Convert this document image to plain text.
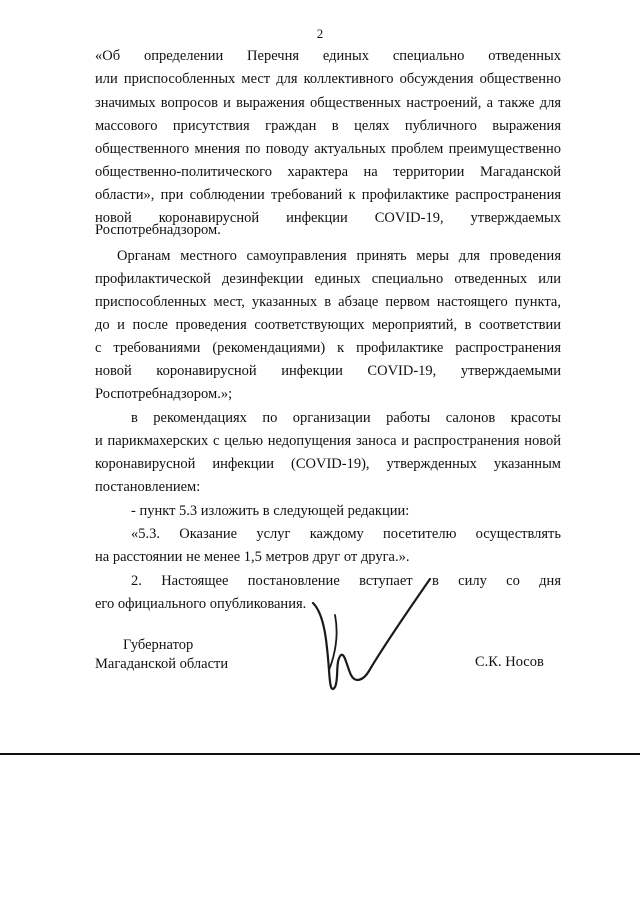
2
«Об определении Перечня единых специально отведенных
или приспособленных мест для коллективного обсуждения общественно
значимых вопросов и выражения общественных настроений, а также для
массового присутствия граждан в целях публичного выражения
общественного мнения по поводу актуальных проблем преимущественно
общественно-политического характера на территории Магаданской
области», при соблюдении требований к профилактике распространения
новой коронавирусной инфекции COVID-19, утверждаемых
Роспотребнадзором.
Органам местного самоуправления принять меры для проведения
профилактической дезинфекции единых специально отведенных или
приспособленных мест, указанных в абзаце первом настоящего пункта,
до и после проведения соответствующих мероприятий, в соответствии
с требованиями (рекомендациями) к профилактике распространения
новой коронавирусной инфекции COVID-19, утверждаемыми
Роспотребнадзором.»;
в рекомендациях по организации работы салонов красоты
и парикмахерских с целью недопущения заноса и распространения новой
коронавирусной инфекции (COVID-19), утвержденных указанным
постановлением:
- пункт 5.3 изложить в следующей редакции:
«5.3. Оказание услуг каждому посетителю осуществлять
на расстоянии не менее 1,5 метров друг от друга.».
2. Настоящее постановление вступает в силу со дня
его официального опубликования.
Губернатор
Магаданской области	С.К. Носов
